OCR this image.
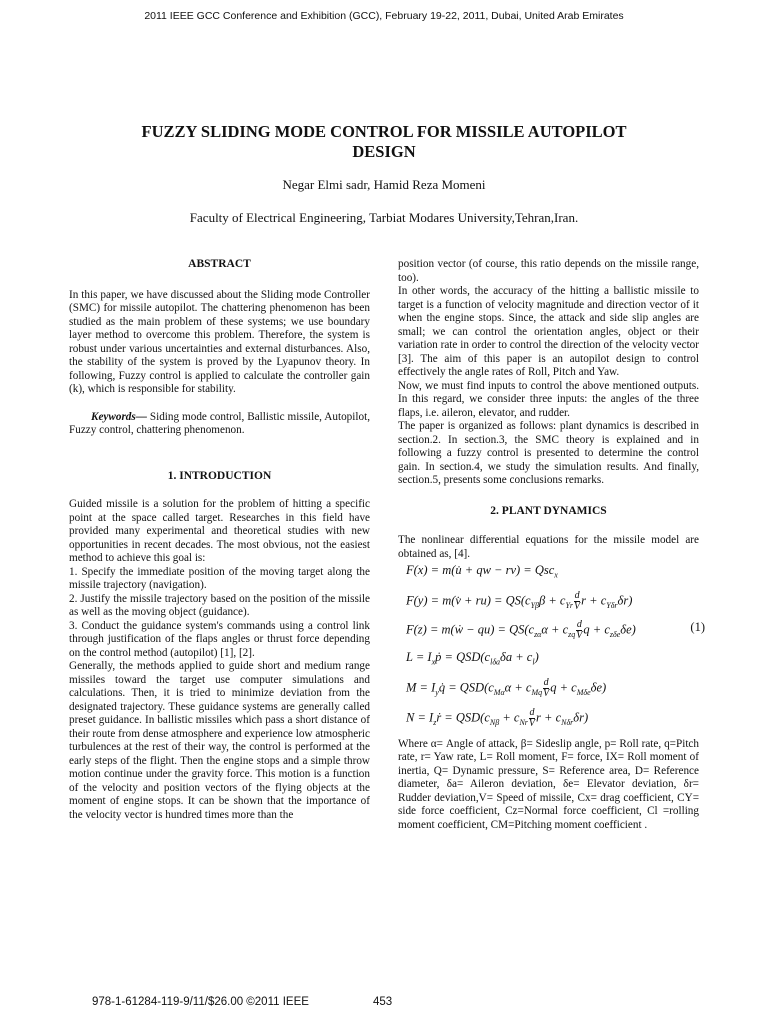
2011 IEEE GCC Conference and Exhibition (GCC), February 19-22, 2011, Dubai, United Arab Emirates
FUZZY SLIDING MODE CONTROL FOR MISSILE AUTOPILOT
DESIGN
Negar Elmi sadr, Hamid Reza Momeni
Faculty of Electrical Engineering, Tarbiat Modares University,Tehran,Iran.

ABSTRACT

In this paper, we have discussed about the Sliding mode Controller (SMC) for missile autopilot. The chattering phenomenon has been studied as the main problem of these systems; we use boundary layer method to overcome this problem. Therefore, the system is robust under various uncertainties and external disturbances. Also, the stability of the system is proved by the Lyapunov theory. In following, Fuzzy control is applied to calculate the controller gain (k), which is responsible for stability.

Keywords— Siding mode control, Ballistic missile, Autopilot, Fuzzy control, chattering phenomenon.

1. INTRODUCTION

Guided missile is a solution for the problem of hitting a specific point at the space called target. Researches in this field have provided many experimental and theoretical studies with new opportunities in recent decades. The most obvious, not the easiest method to achieve this goal is:

1. Specify the immediate position of the moving target along the missile trajectory (navigation).

2. Justify the missile trajectory based on the position of the missile as well as the moving object (guidance).

3. Conduct the guidance system's commands using a control link through justification of the flaps angles or thrust force depending on the control method (autopilot) [1], [2].

Generally, the methods applied to guide short and medium range missiles toward the target use computer simulations and calculations. Then, it is tried to minimize deviation from the designated trajectory. These guidance systems are generally called preset guidance. In ballistic missiles which pass a short distance of their route from dense atmosphere and experience low atmospheric turbulences at the rest of their way, the control is performed at the early steps of the flight. Then the engine stops and a simple throw motion continue under the gravity force. This motion is a function of the velocity and position vectors of the flying objects at the moment of engine stops. It can be shown that the importance of the velocity vector is hundred times more than the

position vector (of course, this ratio depends on the missile range, too).

In other words, the accuracy of the hitting a ballistic missile to target is a function of velocity magnitude and direction vector of it when the engine stops. Since, the attack and side slip angles are small; we can control the orientation angles, object or their variation rate in order to control the direction of the velocity vector [3]. The aim of this paper is an autopilot design to control effectively the angle rates of Roll, Pitch and Yaw.

Now, we must find inputs to control the above mentioned outputs. In this regard, we consider three inputs: the angles of the three flaps, i.e. aileron, elevator, and rudder.

The paper is organized as follows: plant dynamics is described in section.2. In section.3, the SMC theory is explained and in following a fuzzy control is presented to determine the control gain. In section.4, we study the simulation results. And finally, section.5, presents some conclusions remarks.

2. PLANT DYNAMICS

The nonlinear differential equations for the missile model are obtained as, [4].

F(x) = m(u̇ + qw − rv) = Qsc$_x$
F(y) = m(v̇ + $ru) = QS(c_{Y\beta}\beta + c_{Yr} \frac{d}{V}$ $r + c_{Y\delta r}\delta r$)
F(z) = m(ẇ − $qu) = QS(c_{z\alpha}\alpha + c_{zq} \frac{d}{V}$ $q + c_{z\delta e}\delta e$)	(1)
$L = I_xṗ = QSD(c_{l\delta a}\delta a + c_l)$
$M = I_yq̇ = QSD(c_{M\alpha}\alpha + c_{Mq} \frac{d}{V}$ $q + c_{M\delta e}\delta e$)
$N = I_zṙ = QSD(c_{N\beta} + c_{Nr} \frac{d}{V}$ $r + c_{N\delta r}\delta r$)

Where α= Angle of attack, β= Sideslip angle, p= Roll rate, q=Pitch rate, r= Yaw rate, L= Roll moment, F= force, IX= Roll moment of inertia, Q= Dynamic pressure, S= Reference area, D= Reference diameter, δa= Aileron deviation, δe= Elevator deviation, δr= Rudder deviation,V= Speed of missile, Cx= drag coefficient, CY= side force coefficient, Cz=Normal force coefficient, Cl =rolling moment coefficient, CM=Pitching moment coefficient .

978-1-61284-119-9/11/$26.00 ©2011 IEEE	453
